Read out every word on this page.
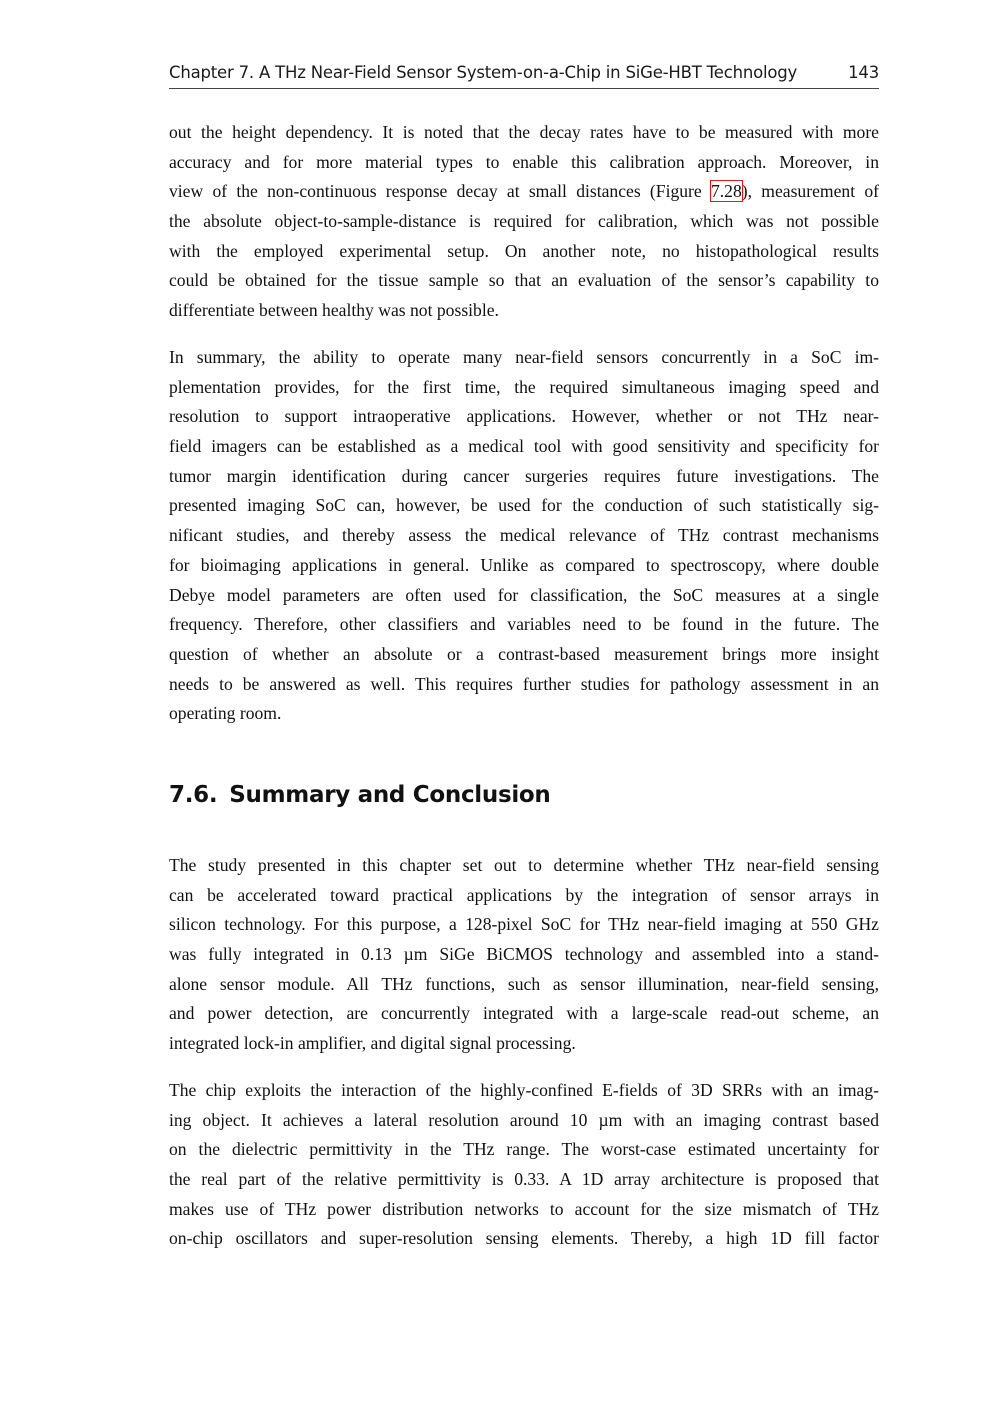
Chapter 7. A THz Near-Field Sensor System-on-a-Chip in SiGe-HBT Technology	143
out the height dependency. It is noted that the decay rates have to be measured with more
accuracy and for more material types to enable this calibration approach. Moreover, in
view of the non-continuous response decay at small distances (Figure 7.28), measurement of
the absolute object-to-sample-distance is required for calibration, which was not possible
with the employed experimental setup. On another note, no histopathological results
could be obtained for the tissue sample so that an evaluation of the sensor’s capability to
differentiate between healthy was not possible.
In summary, the ability to operate many near-field sensors concurrently in a SoC im-
plementation provides, for the first time, the required simultaneous imaging speed and
resolution to support intraoperative applications. However, whether or not THz near-
field imagers can be established as a medical tool with good sensitivity and specificity for
tumor margin identification during cancer surgeries requires future investigations. The
presented imaging SoC can, however, be used for the conduction of such statistically sig-
nificant studies, and thereby assess the medical relevance of THz contrast mechanisms
for bioimaging applications in general. Unlike as compared to spectroscopy, where double
Debye model parameters are often used for classification, the SoC measures at a single
frequency. Therefore, other classifiers and variables need to be found in the future. The
question of whether an absolute or a contrast-based measurement brings more insight
needs to be answered as well. This requires further studies for pathology assessment in an
operating room.
7.6. Summary and Conclusion
The study presented in this chapter set out to determine whether THz near-field sensing
can be accelerated toward practical applications by the integration of sensor arrays in
silicon technology. For this purpose, a 128-pixel SoC for THz near-field imaging at 550 GHz
was fully integrated in 0.13 µm SiGe BiCMOS technology and assembled into a stand-
alone sensor module. All THz functions, such as sensor illumination, near-field sensing,
and power detection, are concurrently integrated with a large-scale read-out scheme, an
integrated lock-in amplifier, and digital signal processing.
The chip exploits the interaction of the highly-confined E-fields of 3D SRRs with an imag-
ing object. It achieves a lateral resolution around 10 µm with an imaging contrast based
on the dielectric permittivity in the THz range. The worst-case estimated uncertainty for
the real part of the relative permittivity is 0.33. A 1D array architecture is proposed that
makes use of THz power distribution networks to account for the size mismatch of THz
on-chip oscillators and super-resolution sensing elements. Thereby, a high 1D fill factor
